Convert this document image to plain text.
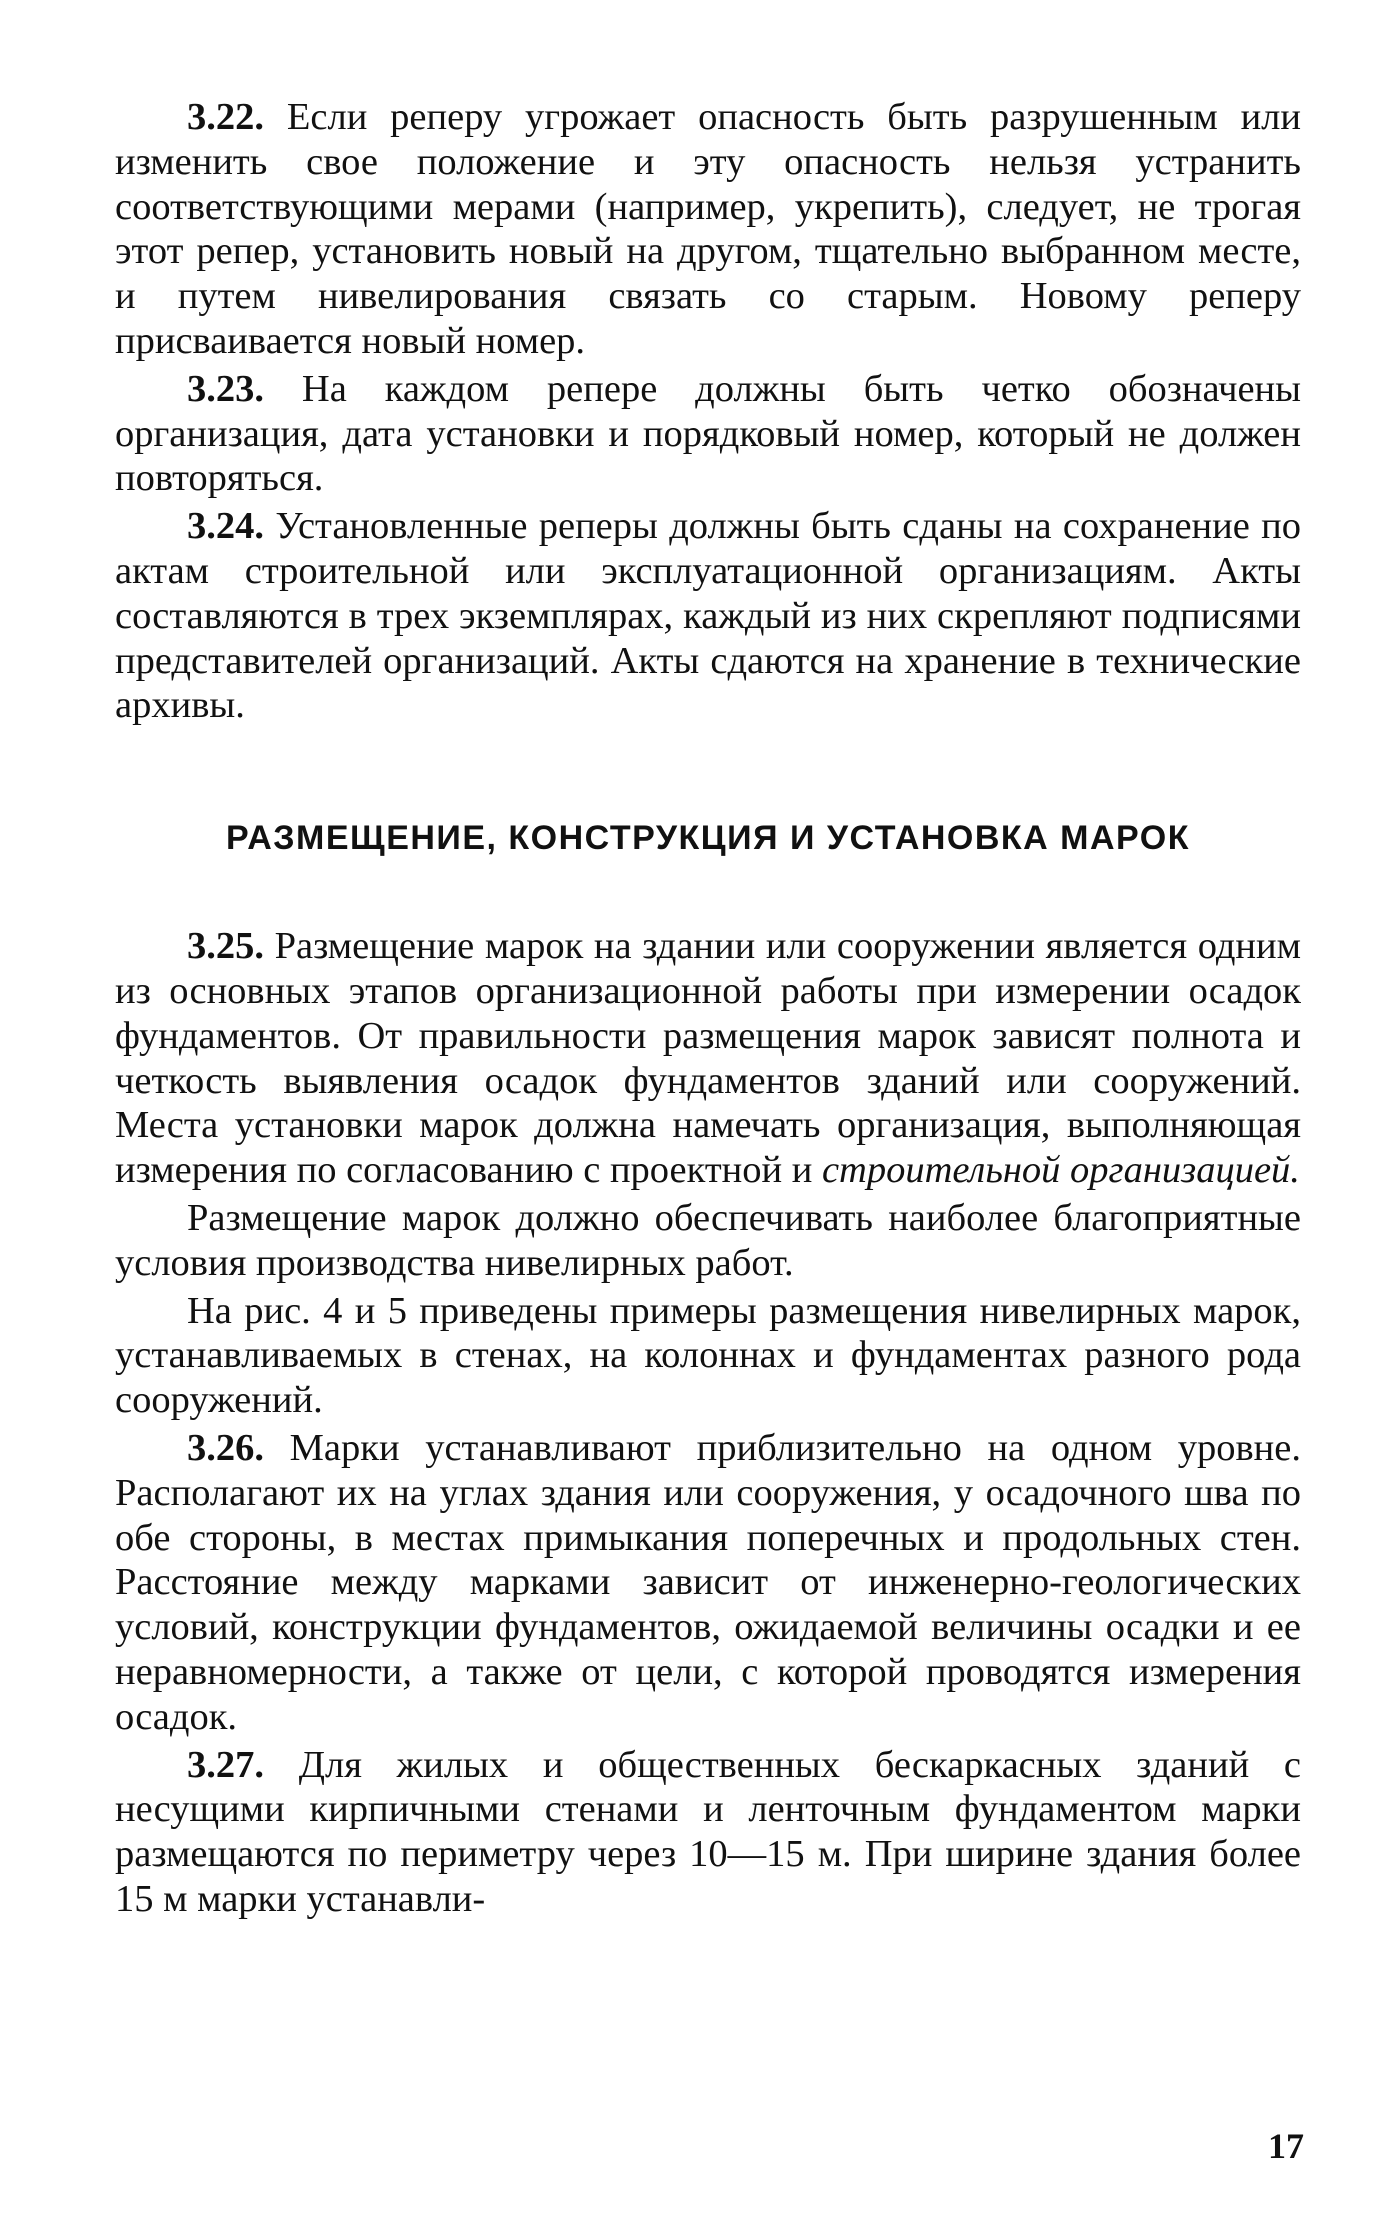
3.22. Если реперу угрожает опасность быть разрушенным или изменить свое положение и эту опасность нельзя устранить соответствующими мерами (например, укрепить), следует, не трогая этот репер, установить новый на другом, тщательно выбранном месте, и путем нивелирования связать со старым. Новому реперу присваивается новый номер.

3.23. На каждом репере должны быть четко обозначены организация, дата установки и порядковый номер, который не должен повторяться.

3.24. Установленные реперы должны быть сданы на сохранение по актам строительной или эксплуатационной организациям. Акты составляются в трех экземплярах, каждый из них скрепляют подписями представителей организаций. Акты сдаются на хранение в технические архивы.

РАЗМЕЩЕНИЕ, КОНСТРУКЦИЯ И УСТАНОВКА МАРОК

3.25. Размещение марок на здании или сооружении является одним из основных этапов организационной работы при измерении осадок фундаментов. От правильности размещения марок зависят полнота и четкость выявления осадок фундаментов зданий или сооружений. Места установки марок должна намечать организация, выполняющая измерения по согласованию с проектной и строительной организацией.

Размещение марок должно обеспечивать наиболее благоприятные условия производства нивелирных работ.

На рис. 4 и 5 приведены примеры размещения нивелирных марок, устанавливаемых в стенах, на колоннах и фундаментах разного рода сооружений.

3.26. Марки устанавливают приблизительно на одном уровне. Располагают их на углах здания или сооружения, у осадочного шва по обе стороны, в местах примыкания поперечных и продольных стен. Расстояние между марками зависит от инженерно-геологических условий, конструкции фундаментов, ожидаемой величины осадки и ее неравномерности, а также от цели, с которой проводятся измерения осадок.

3.27. Для жилых и общественных бескаркасных зданий с несущими кирпичными стенами и ленточным фундаментом марки размещаются по периметру через 10—15 м. При ширине здания более 15 м марки устанавли-

17
